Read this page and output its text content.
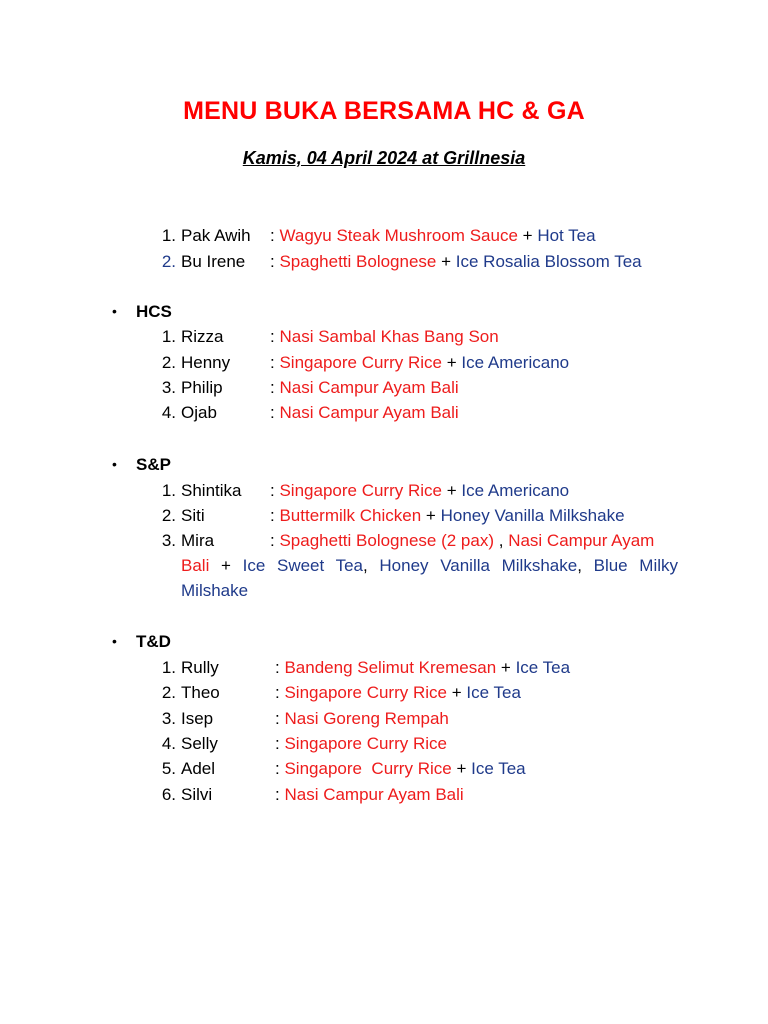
MENU BUKA BERSAMA HC & GA
Kamis, 04 April 2024 at Grillnesia
1. Pak Awih : Wagyu Steak Mushroom Sauce + Hot Tea
2. Bu Irene : Spaghetti Bolognese + Ice Rosalia Blossom Tea
• HCS
1. Rizza	: Nasi Sambal Khas Bang Son
2. Henny : Singapore Curry Rice + Ice Americano
3. Philip	: Nasi Campur Ayam Bali
4. Ojab	: Nasi Campur Ayam Bali
• S&P
1. Shintika : Singapore Curry Rice + Ice Americano
2. Siti	: Buttermilk Chicken + Honey Vanilla Milkshake
3. Mira	: Spaghetti Bolognese (2 pax) , Nasi Campur Ayam
Bali + Ice Sweet Tea, Honey Vanilla Milkshake, Blue Milky
Milshake
• T&D
1. Rully	: Bandeng Selimut Kremesan + Ice Tea
2. Theo	: Singapore Curry Rice + Ice Tea
3. Isep	: Nasi Goreng Rempah
4. Selly	: Singapore Curry Rice
5. Adel	: Singapore  Curry Rice + Ice Tea
6. Silvi	: Nasi Campur Ayam Bali
